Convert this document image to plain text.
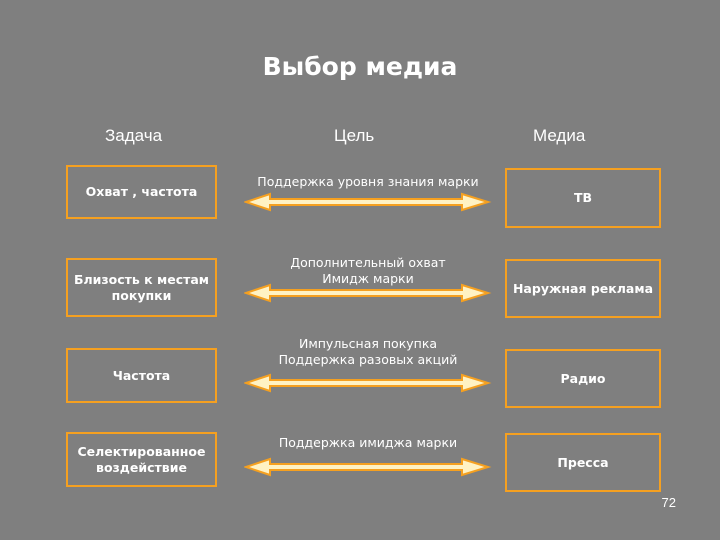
Выбор медиа
Задача	Цель	Медиа
Охват , частота
Поддержка уровня знания марки
ТВ
Близость к местам покупки
Дополнительный охват Имидж марки
Наружная реклама
Частота
Импульсная покупка Поддержка разовых акций
Радио
Селектированное воздействие
Поддержка имиджа марки
Пресса
72
